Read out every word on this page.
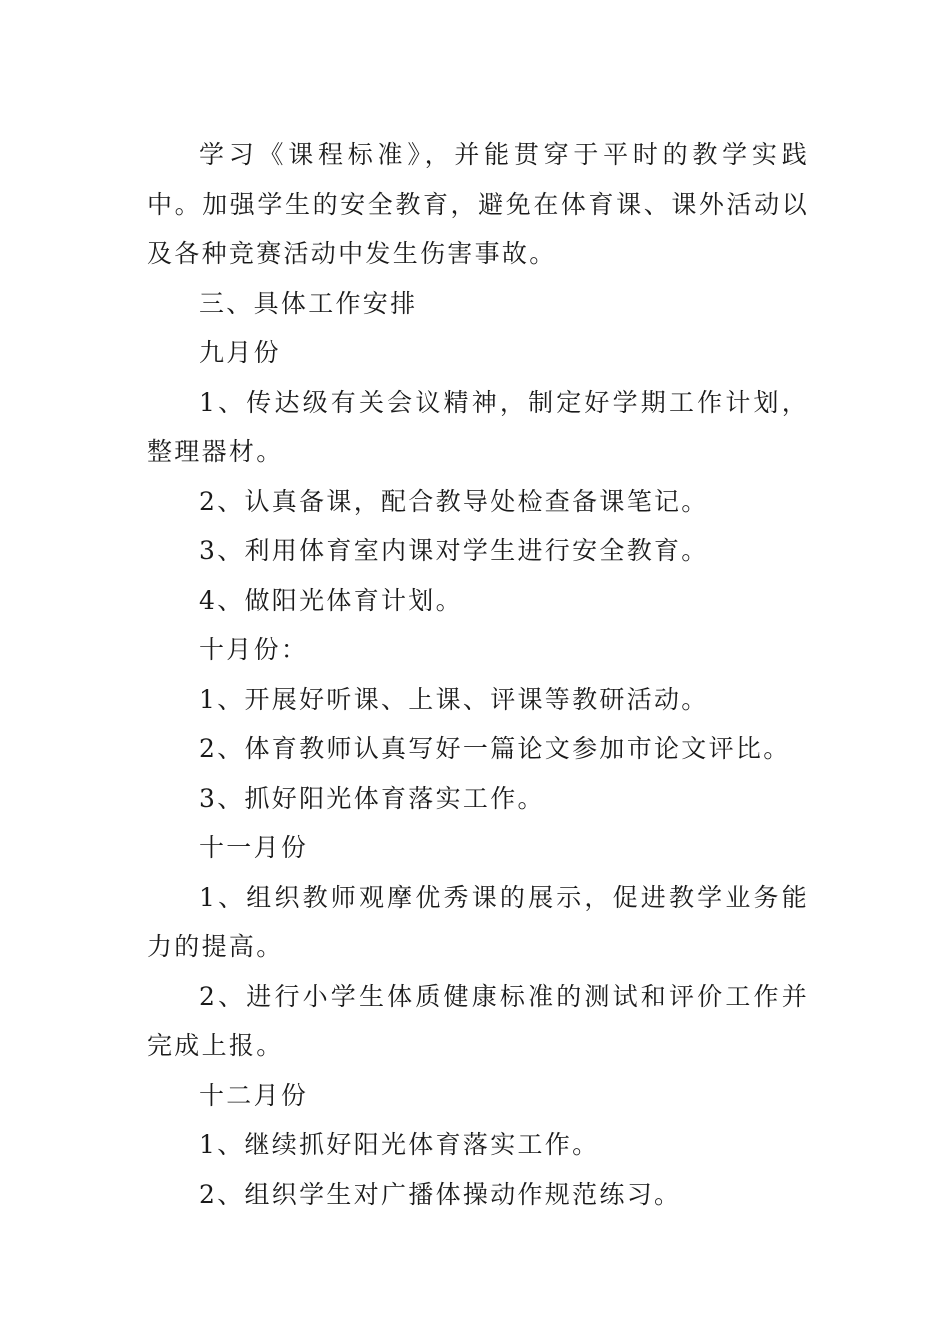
学习《课程标准》，并能贯穿于平时的教学实践中。加强学生的安全教育，避免在体育课、课外活动以及各种竞赛活动中发生伤害事故。

三、具体工作安排

九月份

1、传达级有关会议精神，制定好学期工作计划，整理器材。

2、认真备课，配合教导处检查备课笔记。

3、利用体育室内课对学生进行安全教育。

4、做阳光体育计划。

十月份：

1、开展好听课、上课、评课等教研活动。

2、体育教师认真写好一篇论文参加市论文评比。

3、抓好阳光体育落实工作。

十一月份

1、组织教师观摩优秀课的展示，促进教学业务能力的提高。

2、进行小学生体质健康标准的测试和评价工作并完成上报。

十二月份

1、继续抓好阳光体育落实工作。

2、组织学生对广播体操动作规范练习。
